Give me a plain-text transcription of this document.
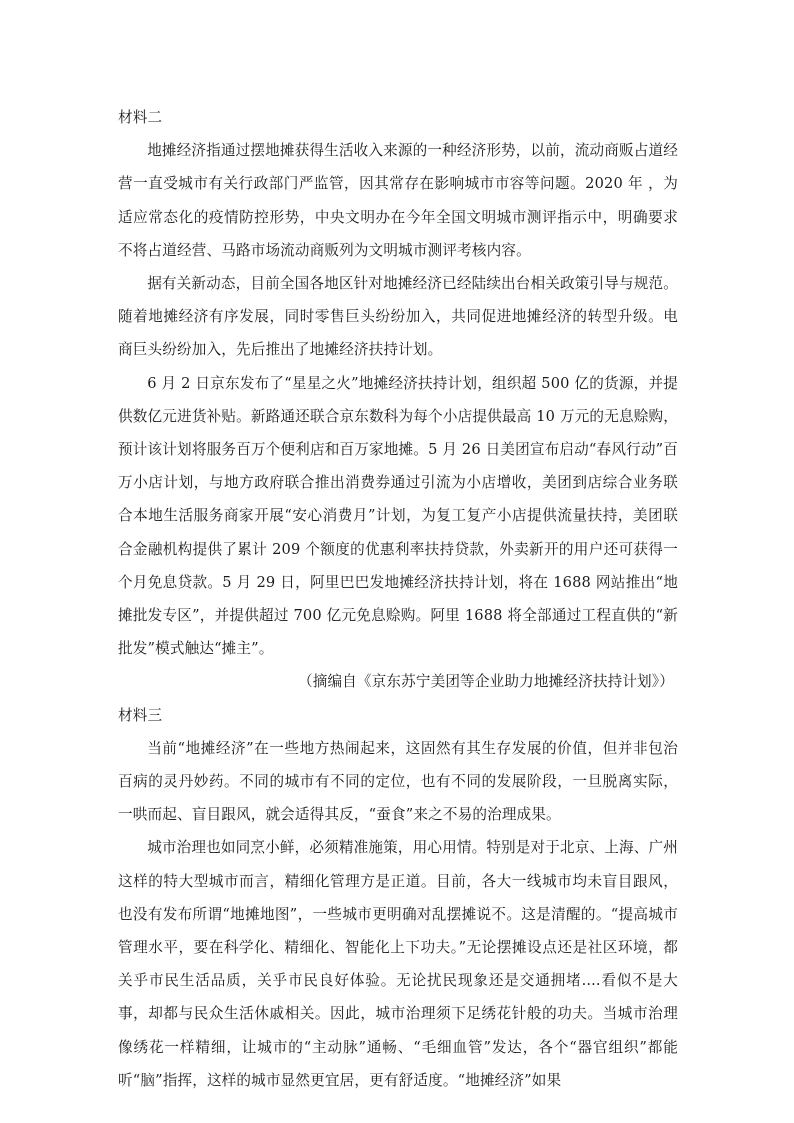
材料二

地摊经济指通过摆地摊获得生活收入来源的一种经济形势，以前，流动商贩占道经营一直受城市有关行政部门严监管，因其常存在影响城市市容等问题。2020 年 ，为适应常态化的疫情防控形势，中央文明办在今年全国文明城市测评指示中，明确要求不将占道经营、马路市场流动商贩列为文明城市测评考核内容。

据有关新动态，目前全国各地区针对地摊经济已经陆续出台相关政策引导与规范。随着地摊经济有序发展，同时零售巨头纷纷加入，共同促进地摊经济的转型升级。电商巨头纷纷加入，先后推出了地摊经济扶持计划。

6 月 2 日京东发布了“星星之火”地摊经济扶持计划，组织超 500 亿的货源，并提供数亿元进货补贴。新路通还联合京东数科为每个小店提供最高 10 万元的无息赊购，预计该计划将服务百万个便利店和百万家地摊。5 月 26 日美团宣布启动“春风行动”百万小店计划，与地方政府联合推出消费券通过引流为小店增收，美团到店综合业务联合本地生活服务商家开展“安心消费月”计划，为复工复产小店提供流量扶持，美团联合金融机构提供了累计 209 个额度的优惠利率扶持贷款，外卖新开的用户还可获得一个月免息贷款。5 月 29 日，阿里巴巴发地摊经济扶持计划，将在 1688 网站推出“地摊批发专区”，并提供超过 700 亿元免息赊购。阿里 1688 将全部通过工程直供的“新批发”模式触达“摊主”。

（摘编自《京东苏宁美团等企业助力地摊经济扶持计划》）

材料三

当前“地摊经济”在一些地方热闹起来，这固然有其生存发展的价值，但并非包治百病的灵丹妙药。不同的城市有不同的定位，也有不同的发展阶段，一旦脱离实际，一哄而起、盲目跟风，就会适得其反，“蚕食”来之不易的治理成果。

城市治理也如同烹小鲜，必须精准施策，用心用情。特别是对于北京、上海、广州这样的特大型城市而言，精细化管理方是正道。目前，各大一线城市均未盲目跟风，也没有发布所谓“地摊地图”，一些城市更明确对乱摆摊说不。这是清醒的。“提高城市管理水平，要在科学化、精细化、智能化上下功夫。”无论摆摊设点还是社区环境，都关乎市民生活品质，关乎市民良好体验。无论扰民现象还是交通拥堵....看似不是大事，却都与民众生活休戚相关。因此，城市治理须下足绣花针般的功夫。当城市治理像绣花一样精细，让城市的“主动脉”通畅、“毛细血管”发达，各个“器官组织”都能听“脑”指挥，这样的城市显然更宜居，更有舒适度。“地摊经济”如果
